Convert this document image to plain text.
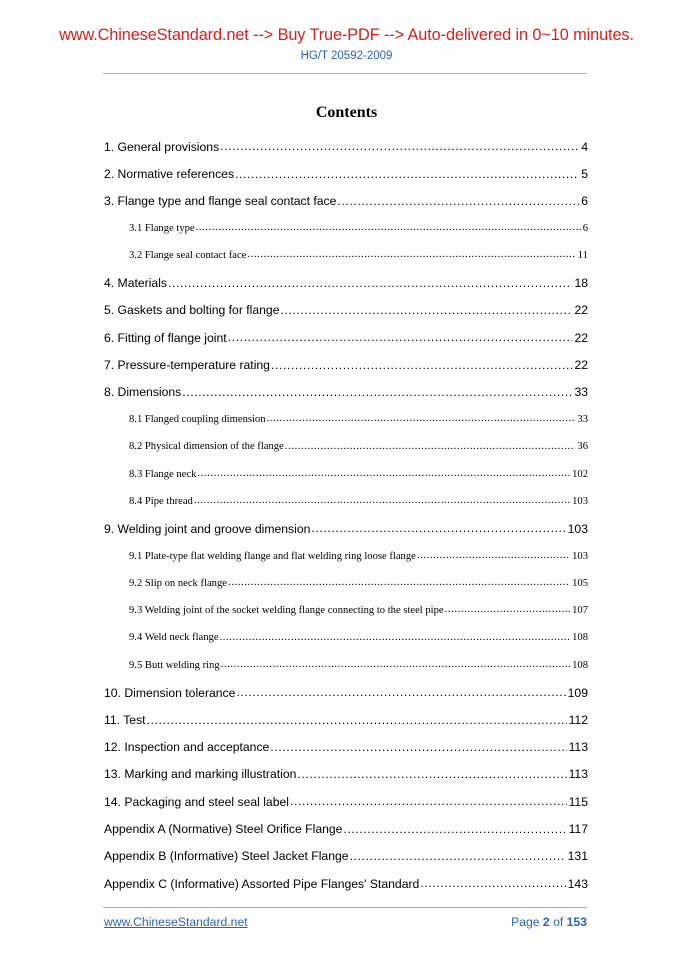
www.ChineseStandard.net --> Buy True-PDF --> Auto-delivered in 0~10 minutes.
HG/T 20592-2009
Contents
1. General provisions .....	4
2. Normative references .....	5
3. Flange type and flange seal contact face .....	6
3.1 Flange type .....	6
3.2 Flange seal contact face .....	11
4. Materials .....	18
5. Gaskets and bolting for flange .....	22
6. Fitting of flange joint .....	22
7. Pressure-temperature rating .....	22
8. Dimensions .....	33
8.1 Flanged coupling dimension .....	33
8.2 Physical dimension of the flange .....	36
8.3 Flange neck .....	102
8.4 Pipe thread .....	103
9. Welding joint and groove dimension .....	103
9.1 Plate-type flat welding flange and flat welding ring loose flange .....	103
9.2 Slip on neck flange .....	105
9.3 Welding joint of the socket welding flange connecting to the steel pipe .....	107
9.4 Weld neck flange .....	108
9.5 Butt welding ring .....	108
10. Dimension tolerance .....	109
11. Test .....	112
12. Inspection and acceptance .....	113
13. Marking and marking illustration .....	113
14. Packaging and steel seal label .....	115
Appendix A (Normative) Steel Orifice Flange .....	117
Appendix B (Informative) Steel Jacket Flange .....	131
Appendix C (Informative) Assorted Pipe Flanges' Standard .....	143
www.ChineseStandard.net	Page 2 of 153
